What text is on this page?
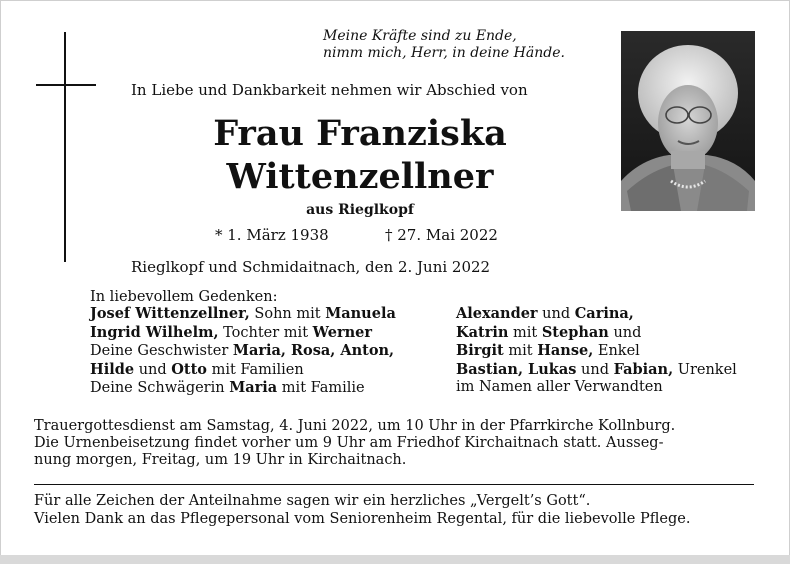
Meine Kräfte sind zu Ende,
nimm mich, Herr, in deine Hände.
In Liebe und Dankbarkeit nehmen wir Abschied von
Frau Franziska
Wittenzellner
aus Rieglkopf
* 1. März 1938	† 27. Mai 2022
Rieglkopf und Schmidaitnach, den 2. Juni 2022
In liebevollem Gedenken:
Josef Wittenzellner, Sohn mit Manuela
Ingrid Wilhelm, Tochter mit Werner
Deine Geschwister Maria, Rosa, Anton,
Hilde und Otto mit Familien
Deine Schwägerin Maria mit Familie
Alexander und Carina,
Katrin mit Stephan und
Birgit mit Hanse, Enkel
Bastian, Lukas und Fabian, Urenkel
im Namen aller Verwandten
Trauergottesdienst am Samstag, 4. Juni 2022, um 10 Uhr in der Pfarrkirche Kollnburg.
Die Urnenbeisetzung findet vorher um 9 Uhr am Friedhof Kirchaitnach statt. Ausseg-
nung morgen, Freitag, um 19 Uhr in Kirchaitnach.
Für alle Zeichen der Anteilnahme sagen wir ein herzliches „Vergelt’s Gott“.
Vielen Dank an das Pflegepersonal vom Seniorenheim Regental, für die liebevolle Pflege.
